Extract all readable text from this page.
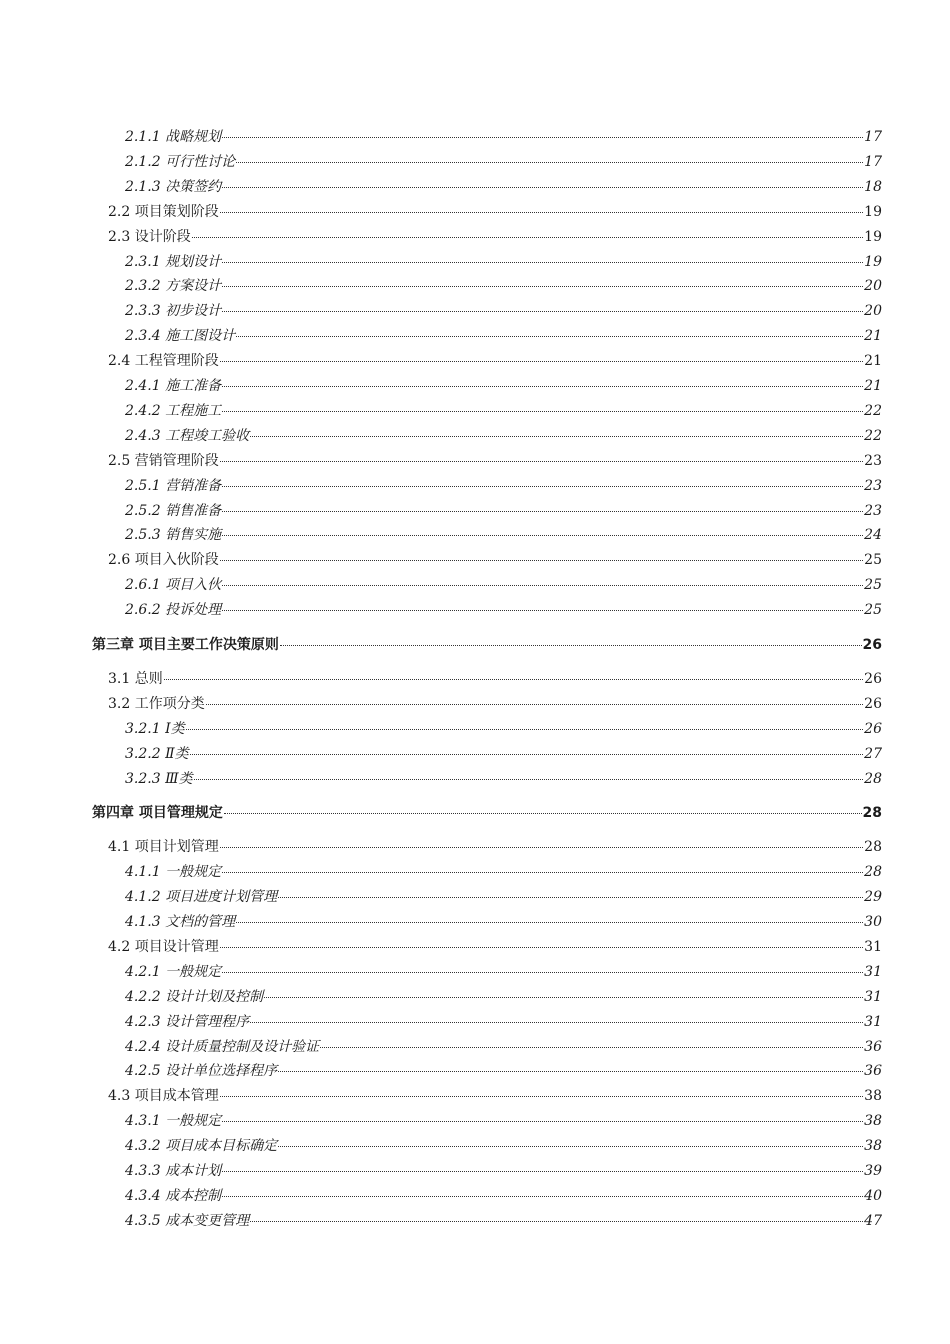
2.1.1 战略规划	17
2.1.2 可行性讨论	17
2.1.3 决策签约	18
2.2 项目策划阶段	19
2.3 设计阶段	19
2.3.1 规划设计	19
2.3.2 方案设计	20
2.3.3 初步设计	20
2.3.4 施工图设计	21
2.4 工程管理阶段	21
2.4.1 施工准备	21
2.4.2 工程施工	22
2.4.3 工程竣工验收	22
2.5 营销管理阶段	23
2.5.1 营销准备	23
2.5.2 销售准备	23
2.5.3 销售实施	24
2.6 项目入伙阶段	25
2.6.1 项目入伙	25
2.6.2 投诉处理	25
第三章 项目主要工作决策原则	26
3.1 总则	26
3.2 工作项分类	26
3.2.1 Ⅰ类	26
3.2.2 Ⅱ类	27
3.2.3 Ⅲ类	28
第四章 项目管理规定	28
4.1 项目计划管理	28
4.1.1 一般规定	28
4.1.2 项目进度计划管理	29
4.1.3 文档的管理	30
4.2 项目设计管理	31
4.2.1 一般规定	31
4.2.2 设计计划及控制	31
4.2.3 设计管理程序	31
4.2.4 设计质量控制及设计验证	36
4.2.5 设计单位选择程序	36
4.3 项目成本管理	38
4.3.1 一般规定	38
4.3.2 项目成本目标确定	38
4.3.3 成本计划	39
4.3.4 成本控制	40
4.3.5 成本变更管理	47
